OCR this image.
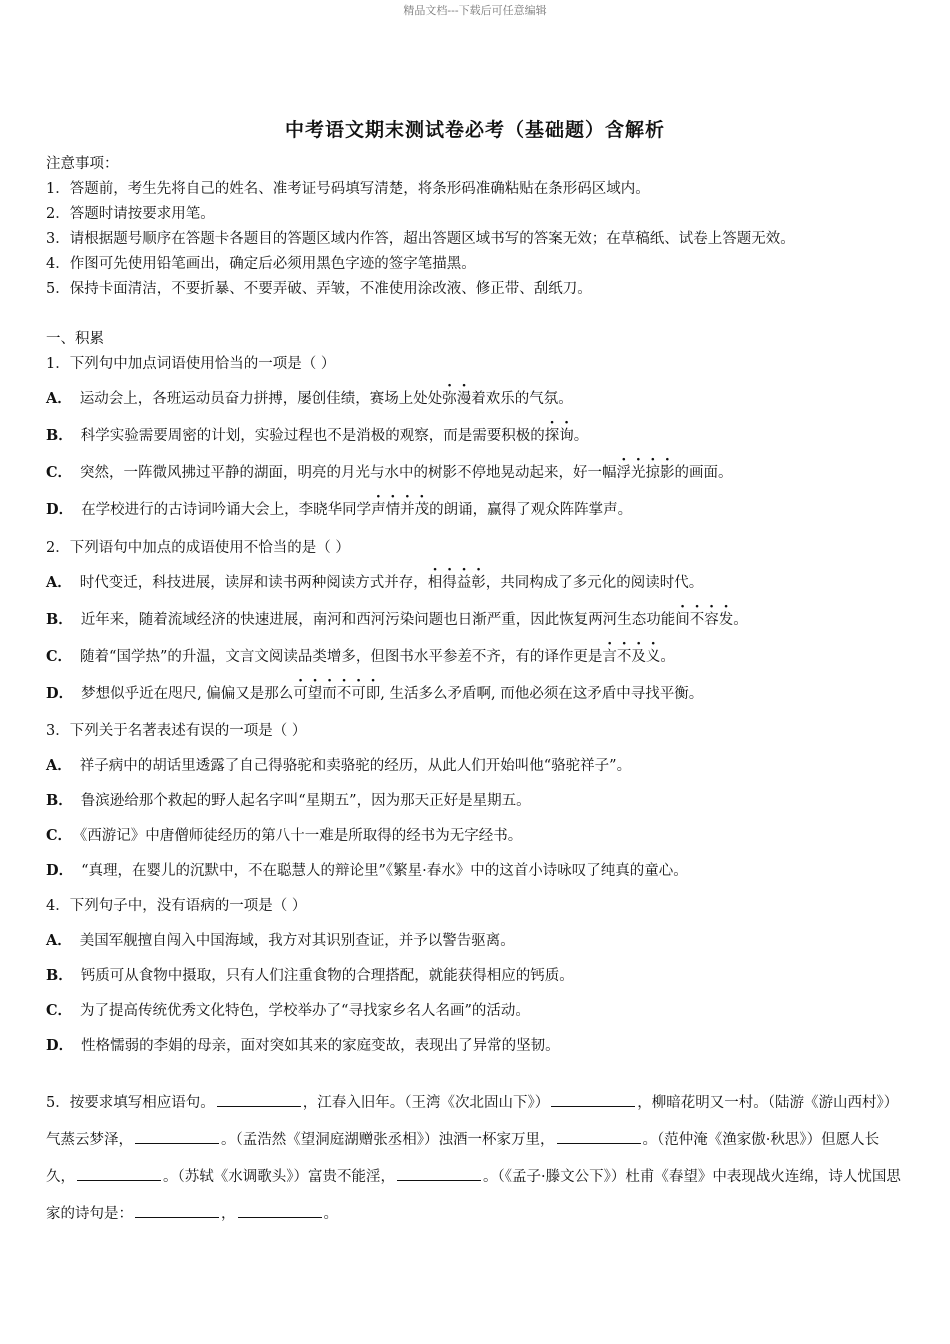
精品文档---下载后可任意编辑
中考语文期末测试卷必考（基础题）含解析
注意事项：
1．答题前，考生先将自己的姓名、准考证号码填写清楚，将条形码准确粘贴在条形码区域内。
2．答题时请按要求用笔。
3．请根据题号顺序在答题卡各题目的答题区域内作答，超出答题区域书写的答案无效；在草稿纸、试卷上答题无效。
4．作图可先使用铅笔画出，确定后必须用黑色字迹的签字笔描黑。
5．保持卡面清洁，不要折暴、不要弄破、弄皱，不准使用涂改液、修正带、刮纸刀。
一、积累
1．下列句中加点词语使用恰当的一项是（ ）
A． 运动会上，各班运动员奋力拼搏，屡创佳绩，赛场上处处弥漫着欢乐的气氛。
B． 科学实验需要周密的计划，实验过程也不是消极的观察，而是需要积极的探询。
C． 突然，一阵微风拂过平静的湖面，明亮的月光与水中的树影不停地晃动起来，好一幅浮光掠影的画面。
D． 在学校进行的古诗词吟诵大会上，李晓华同学声情并茂的朗诵，赢得了观众阵阵掌声。
2．下列语句中加点的成语使用不恰当的是（ ）
A． 时代变迁，科技进展，读屏和读书两种阅读方式并存，相得益彰，共同构成了多元化的阅读时代。
B． 近年来，随着流域经济的快速进展，南河和西河污染问题也日渐严重，因此恢复两河生态功能间不容发。
C． 随着“国学热”的升温，文言文阅读品类增多，但图书水平参差不齐，有的译作更是言不及义。
D． 梦想似乎近在咫尺, 偏偏又是那么可望而不可即, 生活多么矛盾啊, 而他必须在这矛盾中寻找平衡。
3．下列关于名著表述有误的一项是（ ）
A． 祥子病中的胡话里透露了自己得骆驼和卖骆驼的经历，从此人们开始叫他“骆驼祥子”。
B． 鲁滨逊给那个救起的野人起名字叫“星期五”，因为那天正好是星期五。
C． 《西游记》中唐僧师徒经历的第八十一难是所取得的经书为无字经书。
D． “真理，在婴儿的沉默中，不在聪慧人的辩论里”《繁星·春水》中的这首小诗咏叹了纯真的童心。
4．下列句子中，没有语病的一项是（ ）
A． 美国军舰擅自闯入中国海域，我方对其识别查证，并予以警告驱离。
B． 钙质可从食物中摄取，只有人们注重食物的合理搭配，就能获得相应的钙质。
C． 为了提高传统优秀文化特色，学校举办了“寻找家乡名人名画”的活动。
D． 性格懦弱的李娟的母亲，面对突如其来的家庭变故，表现出了异常的坚韧。
5．按要求填写相应语句。	，江春入旧年。（王湾《次北固山下》）	，柳暗花明又一村。（陆游《游山西村》）气蒸云梦泽，	。（孟浩然《望洞庭湖赠张丞相》）浊酒一杯家万里，	。（范仲淹《渔家傲·秋思》）但愿人长久，	。（苏轼《水调歌头》）富贵不能淫，	。（《孟子·滕文公下》）杜甫《春望》中表现战火连绵，诗人忧国思家的诗句是：	，	。
